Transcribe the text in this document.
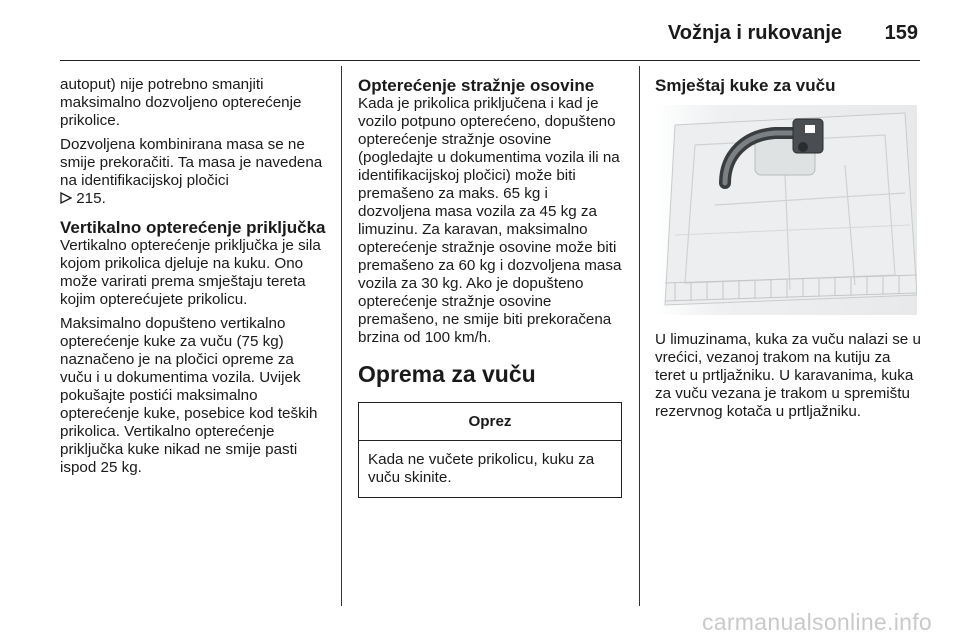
Vožnja i rukovanje 159

autoput) nije potrebno smanjiti maksimalno dozvoljeno opterećenje prikolice.

Dozvoljena kombinirana masa se ne smije prekoračiti. Ta masa je navedena na identifikacijskoj pločici
215.

Vertikalno opterećenje priključka

Vertikalno opterećenje priključka je sila kojom prikolica djeluje na kuku. Ono može varirati prema smještaju tereta kojim opterećujete prikolicu.

Maksimalno dopušteno vertikalno opterećenje kuke za vuču (75 kg) naznačeno je na pločici opreme za vuču i u dokumentima vozila. Uvijek pokušajte postići maksimalno opterećenje kuke, posebice kod teških prikolica. Vertikalno opterećenje priključka kuke nikad ne smije pasti ispod 25 kg.

Opterećenje stražnje osovine

Kada je prikolica priključena i kad je vozilo potpuno opterećeno, dopušteno opterećenje stražnje osovine (pogledajte u dokumentima vozila ili na identifikacijskoj pločici) može biti premašeno za maks. 65 kg i dozvoljena masa vozila za 45 kg za limuzinu. Za karavan, maksimalno opterećenje stražnje osovine može biti premašeno za 60 kg i dozvoljena masa vozila za 30 kg. Ako je dopušteno opterećenje stražnje osovine premašeno, ne smije biti prekoračena brzina od 100 km/h.

Oprema za vuču
Oprez
Kada ne vučete prikolicu, kuku za vuču skinite.
Smještaj kuke za vuču

U limuzinama, kuka za vuču nalazi se u vrećici, vezanoj trakom na kutiju za teret u prtljažniku. U karavanima, kuka za vuču vezana je trakom u spremištu rezervnog kotača u prtljažniku.

carmanualsonline.info
